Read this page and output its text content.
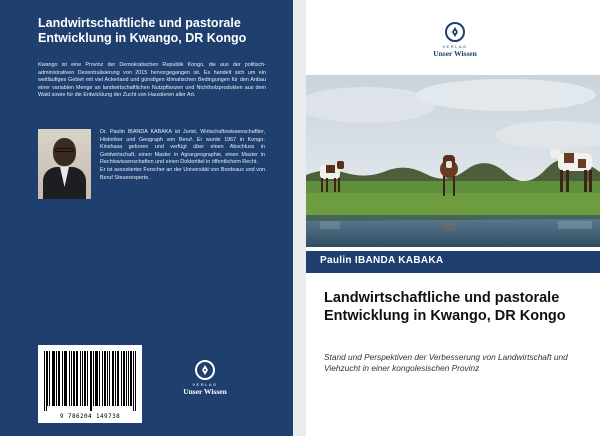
Landwirtschaftliche und pastorale Entwicklung in Kwango, DR Kongo

Kwango ist eine Provinz der Demokratischen Republik Kongo, die aus der politisch-administrativen Dezentralisierung von 2015 hervorgegangen ist. Es handelt sich um ein weitläufiges Gebiet mit viel Ackerland und günstigen klimatischen Bedingungen für den Anbau einer variablen Menge an landwirtschaftlichen Nutzpflanzen und Nichtholzprodukten aus dem Wald sowie für die Entwicklung der Zucht von Haustieren aller Art.

Dr. Paulin IBANDA KABAKA ist Jurist, Wirtschaftswissenschaftler, Historiker und Geograph von Beruf. Er wurde 1967 in Kongo-Kinshasa geboren und verfügt über einen Abschluss in Geldwirtschaft, einen Master in Agrargeographie, einen Master in Rechtswissenschaften und einen Doktortitel in öffentlichem Recht.

Er ist assoziierter Forscher an der Universität von Bordeaux und von Beruf Steuerexperte.

9 786204 149738
VERLAG
Unser Wissen
VERLAG
Unser Wissen
Paulin IBANDA KABAKA
Landwirtschaftliche und pastorale Entwicklung in Kwango, DR Kongo

Stand und Perspektiven der Verbesserung von Landwirtschaft und Viehzucht in einer kongolesischen Provinz
